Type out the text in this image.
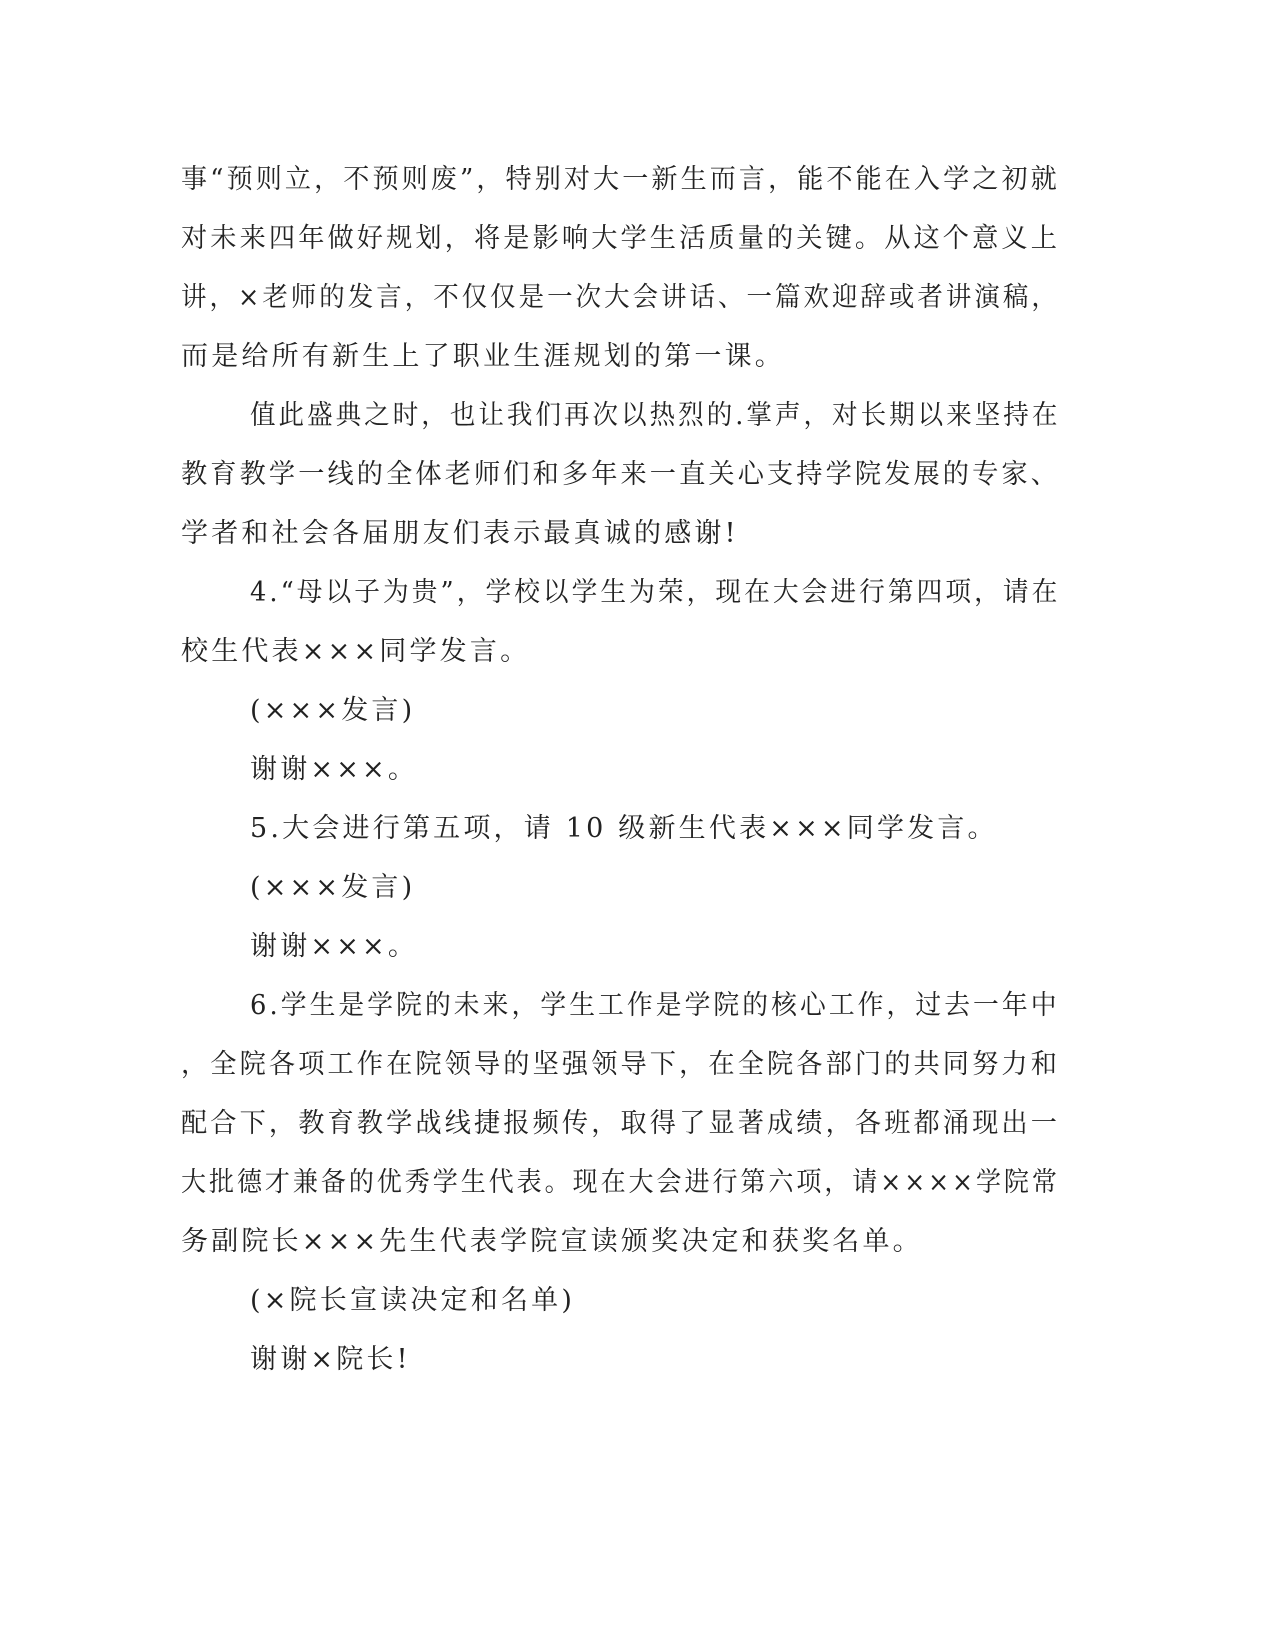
事“预则立，不预则废”，特别对大一新生而言，能不能在入学之初就
对未来四年做好规划，将是影响大学生活质量的关键。从这个意义上
讲，×老师的发言，不仅仅是一次大会讲话、一篇欢迎辞或者讲演稿，
而是给所有新生上了职业生涯规划的第一课。
值此盛典之时，也让我们再次以热烈的.掌声，对长期以来坚持在
教育教学一线的全体老师们和多年来一直关心支持学院发展的专家、
学者和社会各届朋友们表示最真诚的感谢!
4.“母以子为贵”，学校以学生为荣，现在大会进行第四项，请在
校生代表×××同学发言。
(×××发言)
谢谢×××。
5.大会进行第五项，请 10 级新生代表×××同学发言。
(×××发言)
谢谢×××。
6.学生是学院的未来，学生工作是学院的核心工作，过去一年中
，全院各项工作在院领导的坚强领导下，在全院各部门的共同努力和
配合下，教育教学战线捷报频传，取得了显著成绩，各班都涌现出一
大批德才兼备的优秀学生代表。现在大会进行第六项，请××××学院常
务副院长×××先生代表学院宣读颁奖决定和获奖名单。
(×院长宣读决定和名单)
谢谢×院长!
